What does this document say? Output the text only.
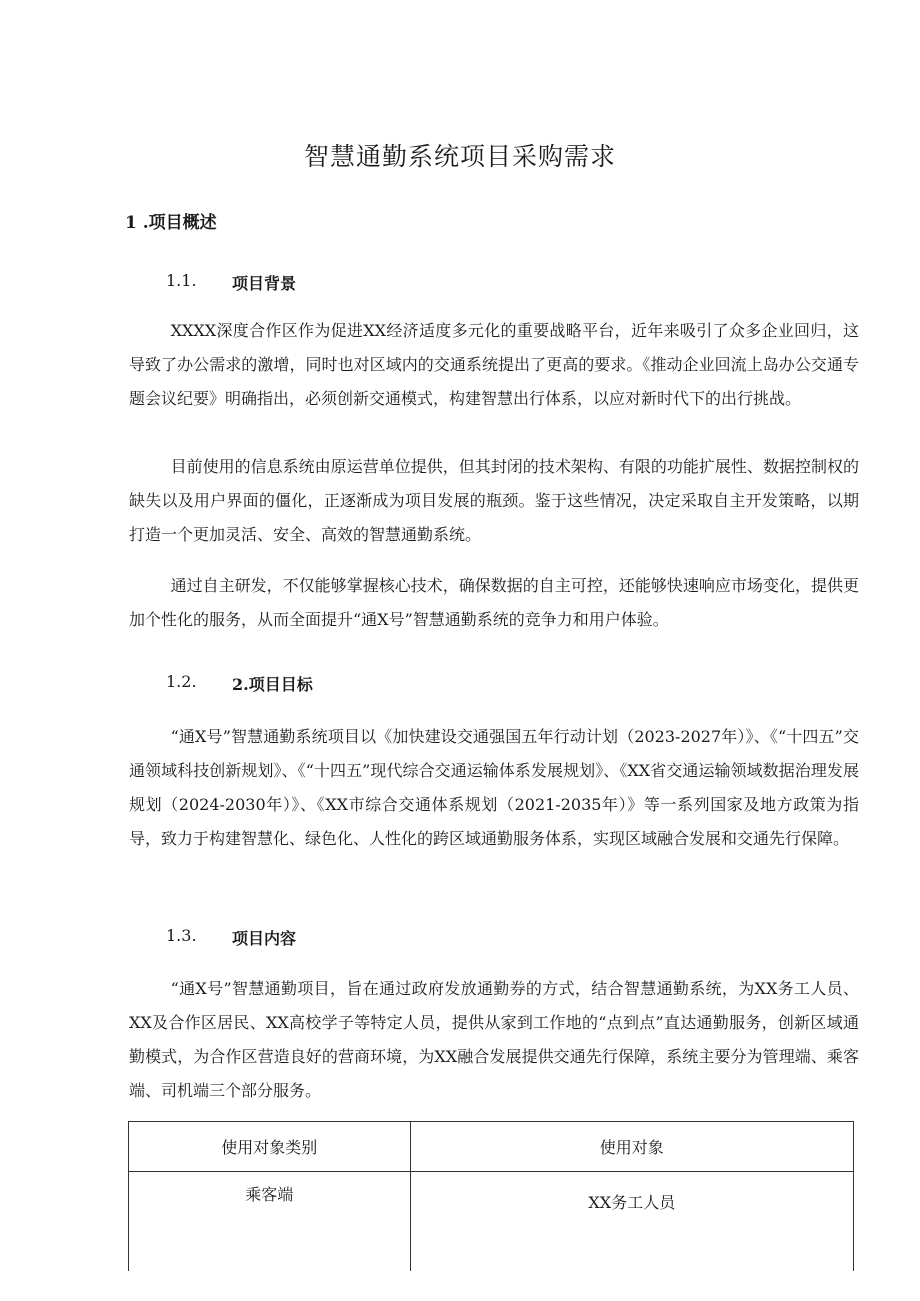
智慧通勤系统项目采购需求
1 .项目概述
1.1. 项目背景
XXXX深度合作区作为促进XX经济适度多元化的重要战略平台，近年来吸引了众多企业回归，这导致了办公需求的激增，同时也对区域内的交通系统提出了更高的要求。《推动企业回流上岛办公交通专题会议纪要》明确指出，必须创新交通模式，构建智慧出行体系，以应对新时代下的出行挑战。
目前使用的信息系统由原运营单位提供，但其封闭的技术架构、有限的功能扩展性、数据控制权的缺失以及用户界面的僵化，正逐渐成为项目发展的瓶颈。鉴于这些情况，决定采取自主开发策略，以期打造一个更加灵活、安全、高效的智慧通勤系统。
通过自主研发，不仅能够掌握核心技术，确保数据的自主可控，还能够快速响应市场变化，提供更加个性化的服务，从而全面提升“通X号”智慧通勤系统的竞争力和用户体验。
1.2. 2.项目目标
“通X号”智慧通勤系统项目以《加快建设交通强国五年行动计划（2023-2027年）》、《“十四五”交通领域科技创新规划》、《“十四五”现代综合交通运输体系发展规划》、《XX省交通运输领域数据治理发展规划（2024-2030年）》、《XX市综合交通体系规划（2021-2035年）》等一系列国家及地方政策为指导，致力于构建智慧化、绿色化、人性化的跨区域通勤服务体系，实现区域融合发展和交通先行保障。
1.3. 项目内容
“通X号”智慧通勤项目，旨在通过政府发放通勤券的方式，结合智慧通勤系统，为XX务工人员、XX及合作区居民、XX高校学子等特定人员，提供从家到工作地的“点到点”直达通勤服务，创新区域通勤模式，为合作区营造良好的营商环境，为XX融合发展提供交通先行保障，系统主要分为管理端、乘客端、司机端三个部分服务。
使用对象类别	使用对象
乘客端	XX务工人员
